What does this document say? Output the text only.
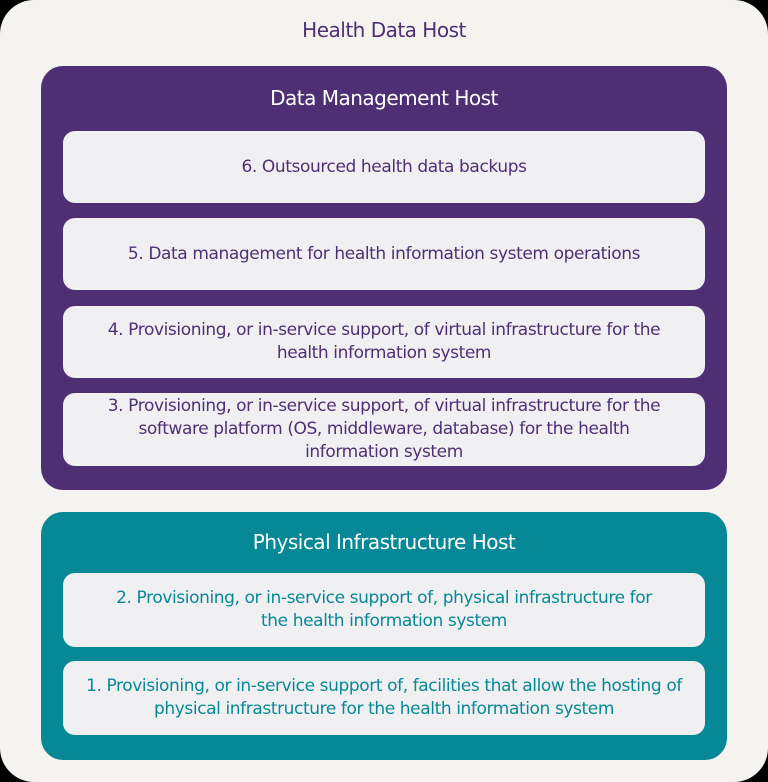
Health Data Host
Data Management Host
6. Outsourced health data backups
5. Data management for health information system operations
4. Provisioning, or in-service support, of virtual infrastructure for the health information system
3. Provisioning, or in-service support, of virtual infrastructure for the software platform (OS, middleware, database) for the health information system
Physical Infrastructure Host
2. Provisioning, or in-service support of, physical infrastructure for the health information system
1. Provisioning, or in-service support of, facilities that allow the hosting of physical infrastructure for the health information system
